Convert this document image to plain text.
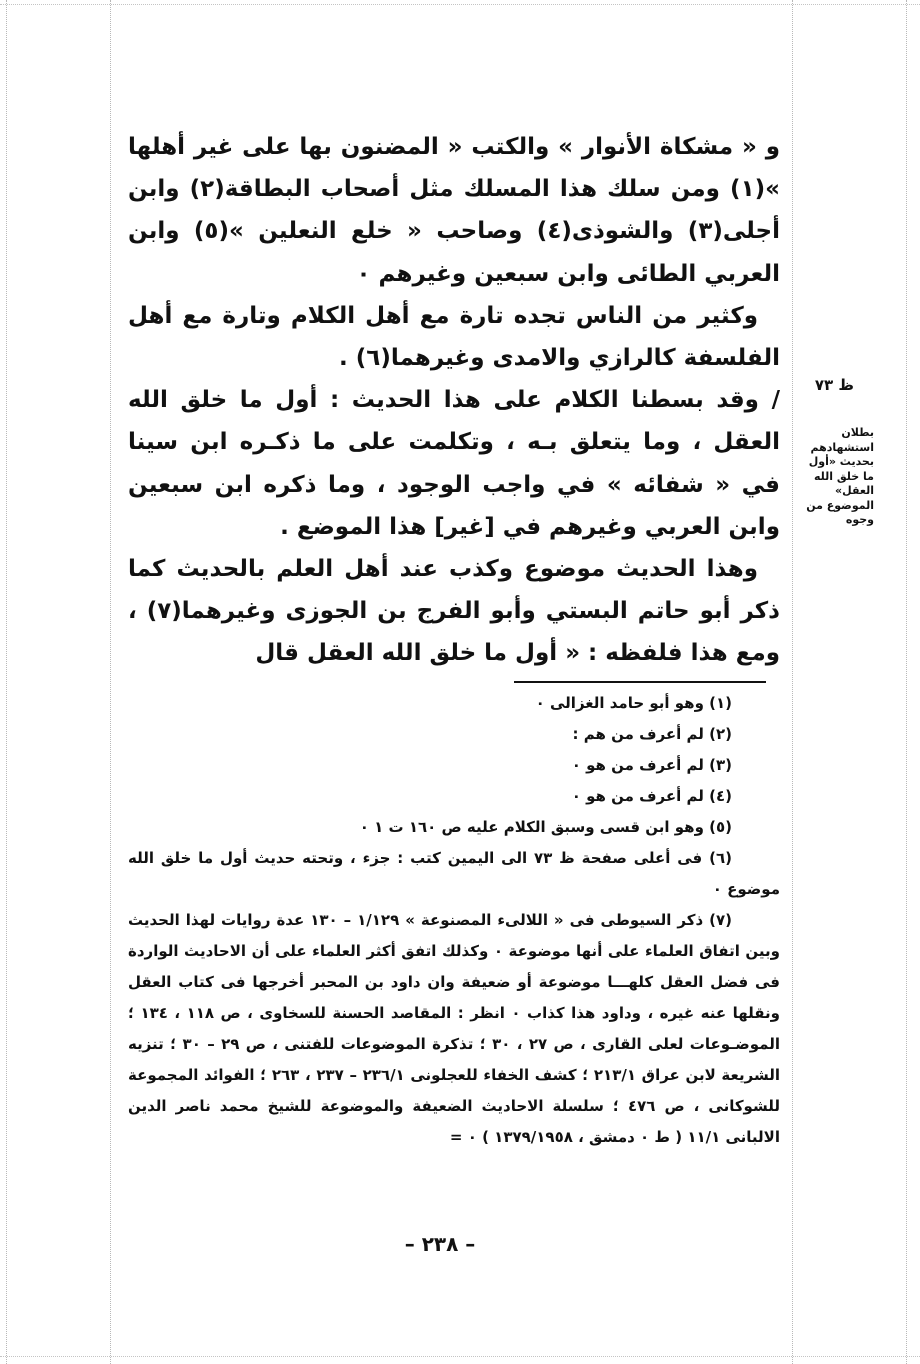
و « مشكاة الأنوار » والكتب « المضنون بها على غير أهلها »(١) ومن سلك هذا المسلك مثل أصحاب البطاقة(٢) وابن أجلى(٣) والشوذى(٤) وصاحب « خلع النعلين »(٥) وابن العربي الطائى وابن سبعين وغيرهم ٠

وكثير من الناس تجده تارة مع أهل الكلام وتارة مع أهل الفلسفة كالرازي والامدى وغيرهما(٦) .

/ وقد بسطنا الكلام على هذا الحديث : أول ما خلق الله العقل ، وما يتعلق بـه ، وتكلمت على ما ذكـره ابن سينا في « شفائه » في واجب الوجود ، وما ذكره ابن سبعين وابن العربي وغيرهم في [غير] هذا الموضع .

وهذا الحديث موضوع وكذب عند أهل العلم بالحديث كما ذكر أبو حاتم البستي وأبو الفرج بن الجوزى وغيرهما(٧) ، ومع هذا فلفظه : « أول ما خلق الله العقل قال

ظ ٧٣
بطلان استشهادهم بحديث «أول ما خلق الله العقل» الموضوع من وجوه

(١) وهو أبو حامد الغزالى ٠

(٢) لم أعرف من هم :

(٣) لم أعرف من هو ٠

(٤) لم أعرف من هو ٠

(٥) وهو ابن قسى وسبق الكلام عليه ص ١٦٠ ت ١ ٠

(٦) فى أعلى صفحة ظ ٧٣ الى اليمين كتب : جزء ، وتحته حديث أول ما خلق الله موضوع ٠

(٧) ذكر السيوطى فى « اللالىء المصنوعة » ١/١٢٩ – ١٣٠ عدة روايات لهذا الحديث وبين اتفاق العلماء على أنها موضوعة ٠ وكذلك اتفق أكثر العلماء على أن الاحاديث الواردة فى فضل العقل كلهـــا موضوعة أو ضعيفة وان داود بن المحبر أخرجها فى كتاب العقل ونقلها عنه غيره ، وداود هذا كذاب ٠ انظر : المقاصد الحسنة للسخاوى ، ص ١١٨ ، ١٣٤ ؛ الموضـوعات لعلى القارى ، ص ٢٧ ، ٣٠ ؛ تذكرة الموضوعات للفتنى ، ص ٢٩ – ٣٠ ؛ تنزيه الشريعة لابن عراق ٢١٣/١ ؛ كشف الخفاء للعجلونى ٢٣٦/١ – ٢٣٧ ، ٢٦٣ ؛ الفوائد المجموعة للشوكانى ، ص ٤٧٦ ؛ سلسلة الاحاديث الضعيفة والموضوعة للشيخ محمد ناصر الدين الالبانى ١١/١ ( ط ٠ دمشق ، ١٣٧٩/١٩٥٨ ) ٠ =

– ٢٣٨ –
